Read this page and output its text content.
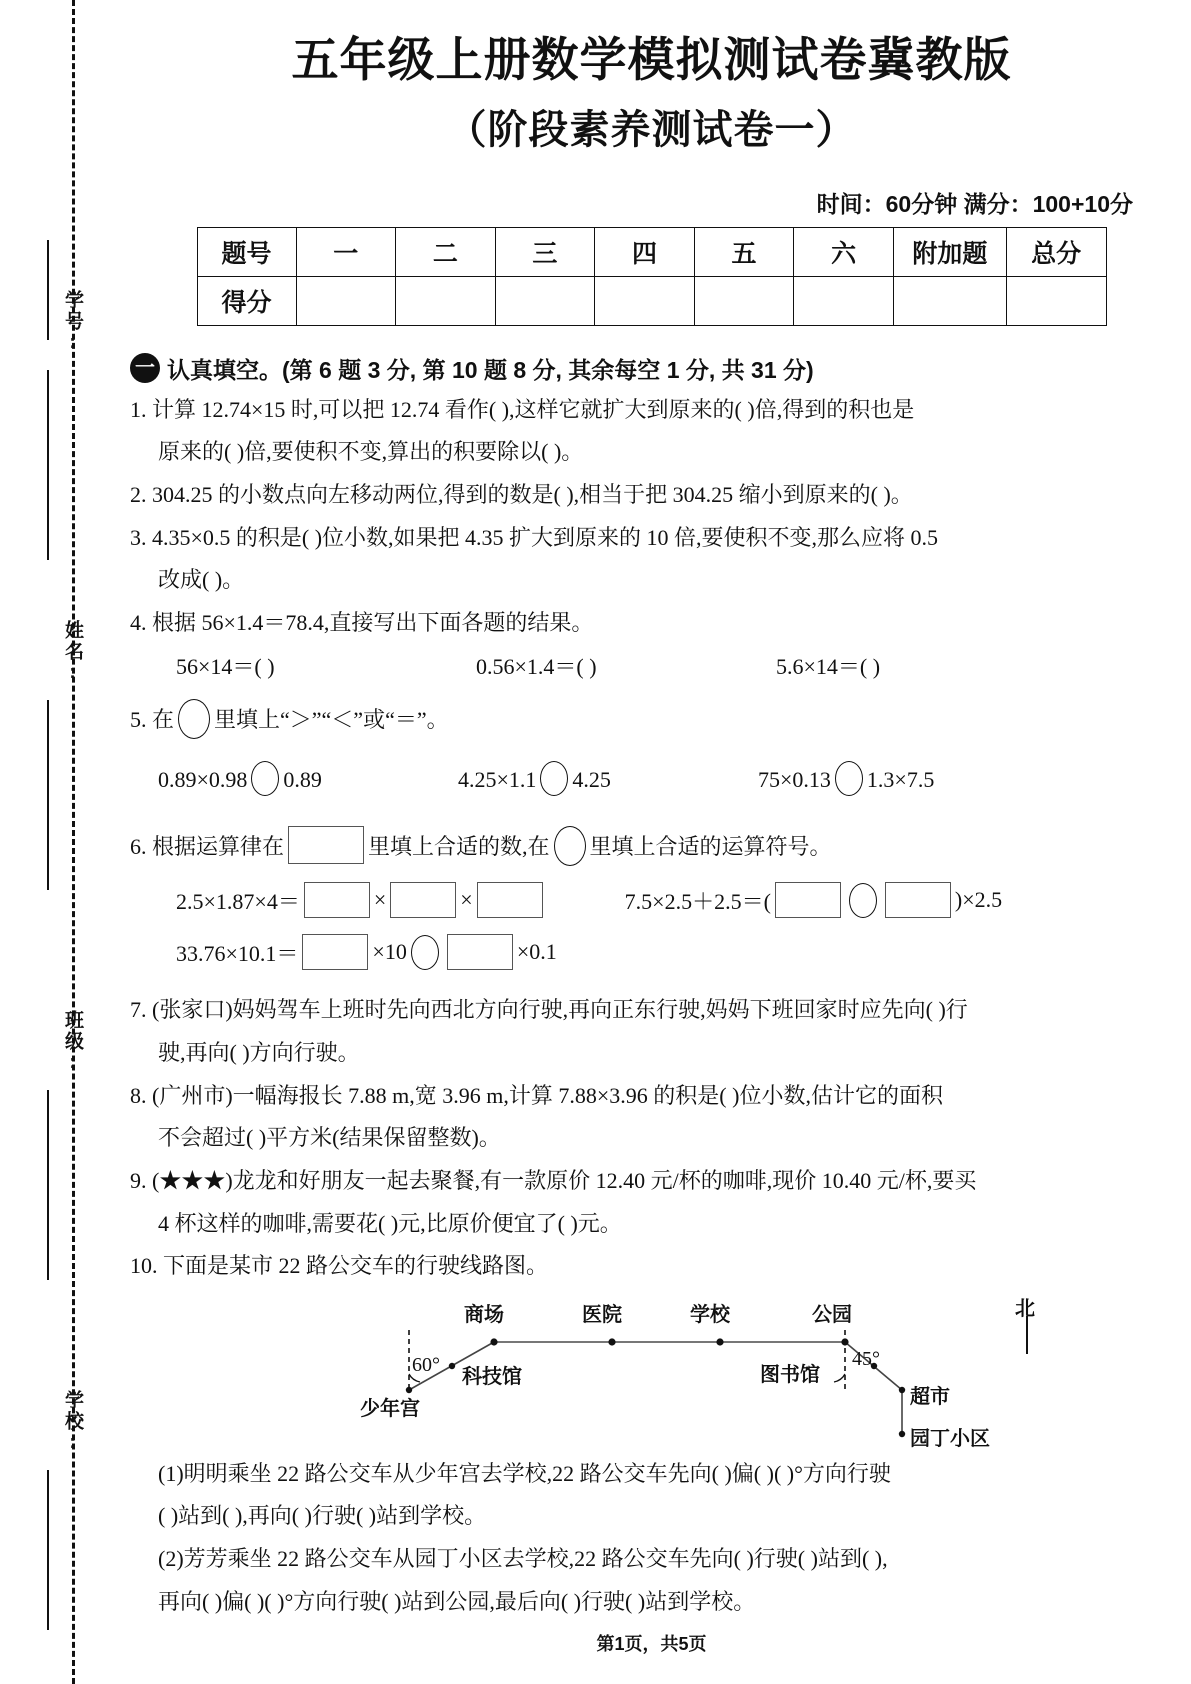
学号:
姓名:
班级:
学校:
五年级上册数学模拟测试卷冀教版
（阶段素养测试卷一）
时间：60分钟 满分：100+10分
题号	一	二	三	四	五	六	附加题	总分
得分								
一 认真填空。(第 6 题 3 分, 第 10 题 8 分, 其余每空 1 分, 共 31 分)
1. 计算 12.74×15 时,可以把 12.74 看作( ),这样它就扩大到原来的( )倍,得到的积也是
原来的( )倍,要使积不变,算出的积要除以( )。
2. 304.25 的小数点向左移动两位,得到的数是( ),相当于把 304.25 缩小到原来的( )。
3. 4.35×0.5 的积是( )位小数,如果把 4.35 扩大到原来的 10 倍,要使积不变,那么应将 0.5
改成( )。
4. 根据 56×1.4＝78.4,直接写出下面各题的结果。
56×14＝( )	0.56×1.4＝( )	5.6×14＝( )
5. 在 里填上“＞”“＜”或“＝”。
0.89×0.98 0.89	4.25×1.1 4.25	75×0.13 1.3×7.5
6. 根据运算律在	里填上合适的数,在 里填上合适的运算符号。
2.5×1.87×4＝	×	×	7.5×2.5＋2.5＝(	)×2.5
33.76×10.1＝	×10	×0.1
7. (张家口)妈妈驾车上班时先向西北方向行驶,再向正东行驶,妈妈下班回家时应先向( )行
驶,再向( )方向行驶。
8. (广州市)一幅海报长 7.88 m,宽 3.96 m,计算 7.88×3.96 的积是( )位小数,估计它的面积
不会超过( )平方米(结果保留整数)。
9. (★★★)龙龙和好朋友一起去聚餐,有一款原价 12.40 元/杯的咖啡,现价 10.40 元/杯,要买
4 杯这样的咖啡,需要花( )元,比原价便宜了( )元。
10. 下面是某市 22 路公交车的行驶线路图。
商场	医院	学校	公园
科技馆
少年宫
图书馆
超市
园丁小区
60°	45°
北
(1)明明乘坐 22 路公交车从少年宫去学校,22 路公交车先向( )偏( )( )°方向行驶
( )站到( ),再向( )行驶( )站到学校。
(2)芳芳乘坐 22 路公交车从园丁小区去学校,22 路公交车先向( )行驶( )站到( ),
再向( )偏( )( )°方向行驶( )站到公园,最后向( )行驶( )站到学校。
第1页，共5页
